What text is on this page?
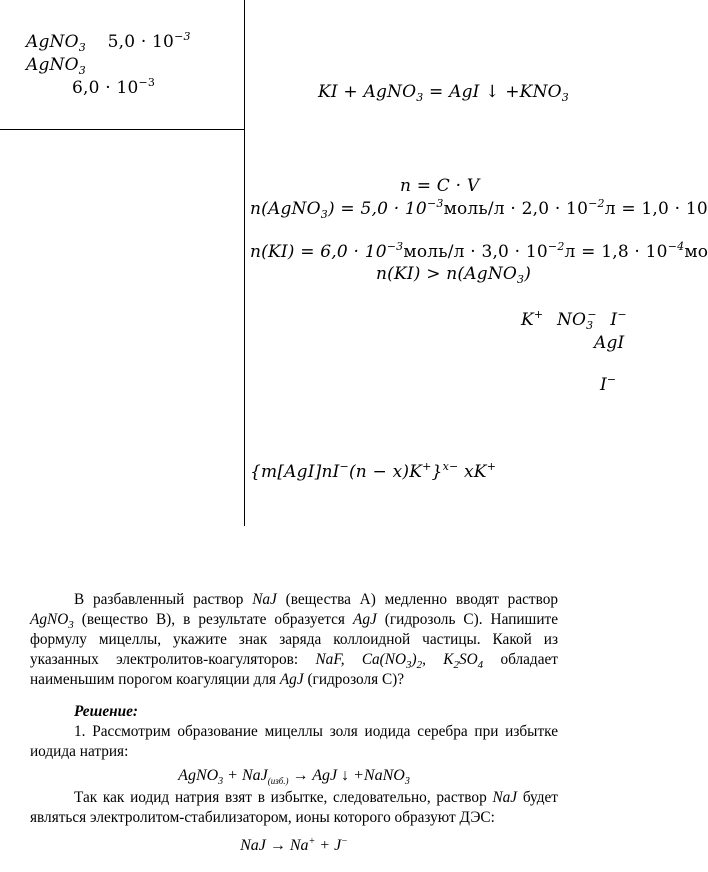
AgNO$_3$ $5,0 \cdot 10^{-3}$
AgNO$_3$
$6,0 \cdot 10^{-3}$	KI + AgNO$_3$ = AgI ↓ $+KNO_3$
n = C · V
n(AgNO$_3$) = $5,0 \cdot 10^{-3}моль/л \cdot 2,0 \cdot 10^{-2}л = 1,0 \cdot 10$
$n(KI) = 6,0 \cdot 10^{-3}моль/л \cdot 3,0 \cdot 10^{-2}л = 1,8 \cdot 10^{-4}мо$
n(KI) > n(AgNO$_3$)
K+ $NO_3^-$ I−
AgI
I−
$\{m[AgI]nI^-(n - x)K^+\}^{x-}$ xK+

В разбавленный раствор NaJ (вещества А) медленно вводят раствор AgNO$_3$ (вещество В), в результате образуется AgJ (гидрозоль С). Напишите формулу мицеллы, укажите знак заряда коллоидной частицы. Какой из указанных электролитов-коагуляторов: NaF, $Ca(NO_3)_2$, $K_2SO_4$ обладает наименьшим порогом коагуляции для AgJ (гидрозоля С)?

Решение:

1. Рассмотрим образование мицеллы золя иодида серебра при избытке иодида натрия:

AgNO$_3$ + NaJ$_{(изб.)}$ → AgJ ↓ +NaNO$_3$

Так как иодид натрия взят в избытке, следовательно, раствор NaJ будет являться электролитом-стабилизатором, ионы которого образуют ДЭС:

NaJ → Na+ + J−
